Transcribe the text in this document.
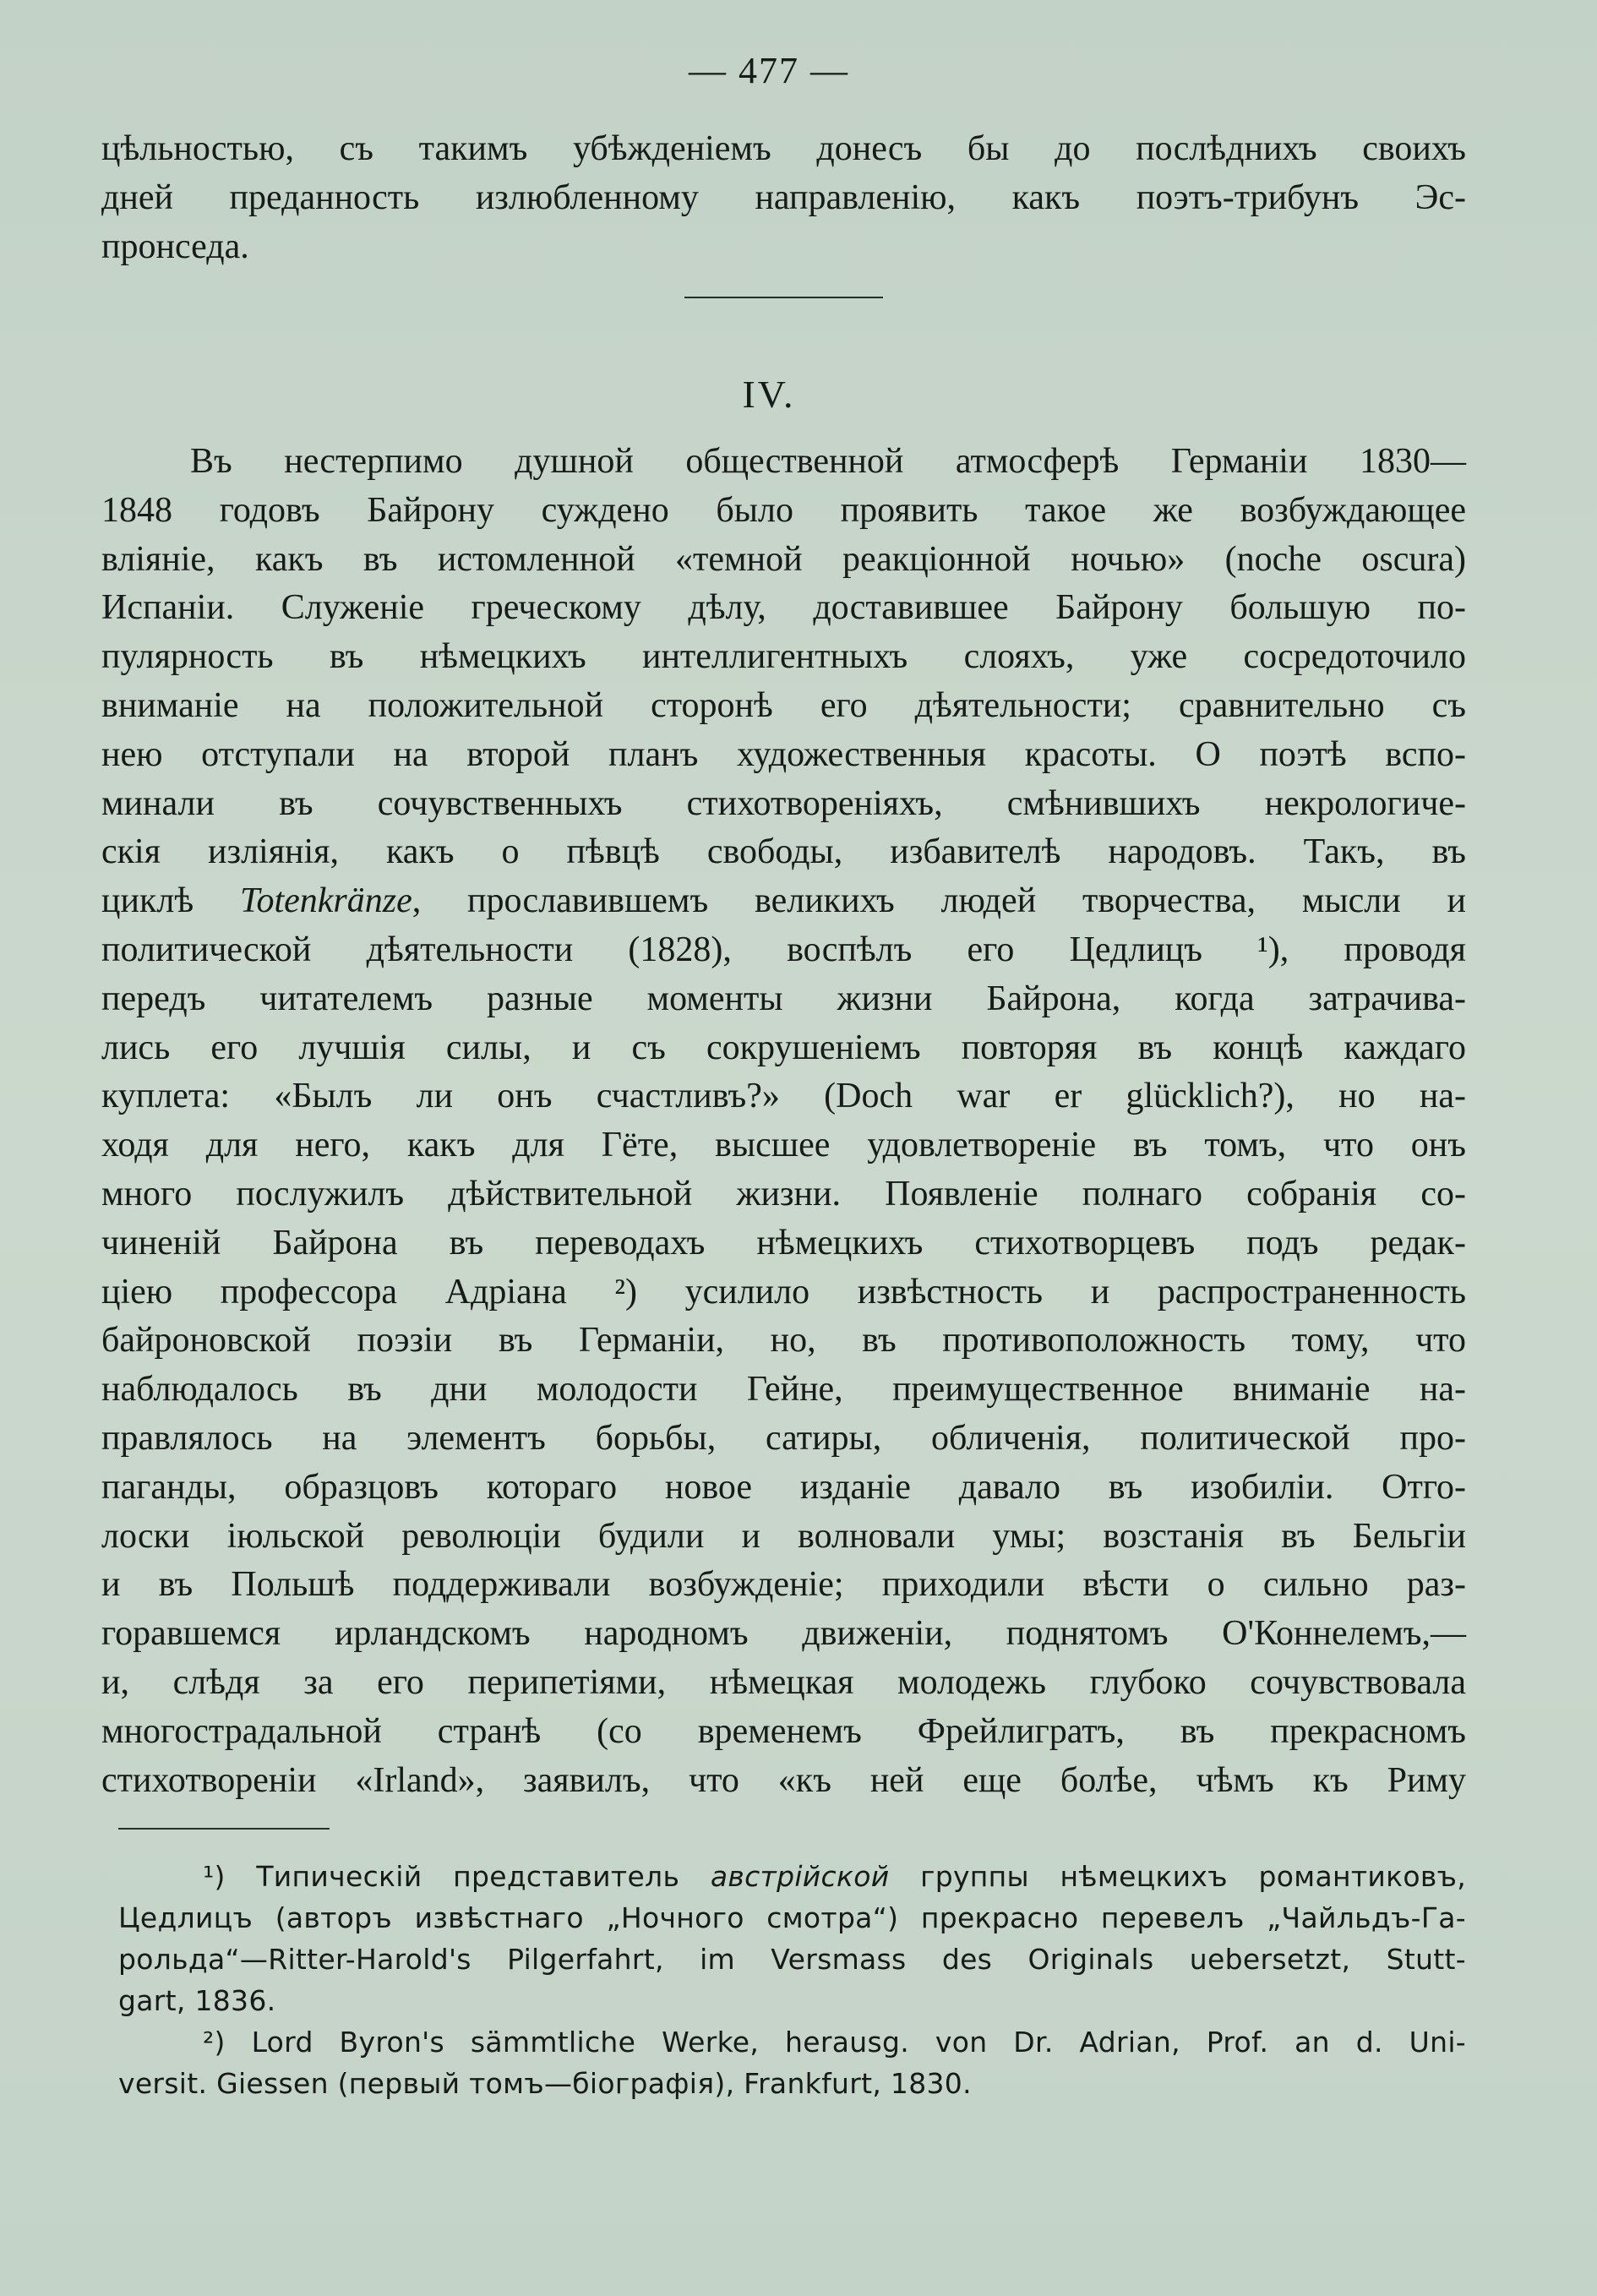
— 477 —
цѣльностью, съ такимъ убѣжденіемъ донесъ бы до послѣднихъ своихъ
дней преданность излюбленному направленію, какъ поэтъ-трибунъ Эс-
пронседа.
IV.
Въ нестерпимо душной общественной атмосферѣ Германіи 1830—
1848 годовъ Байрону суждено было проявить такое же возбуждающее
вліяніе, какъ въ истомленной «темной реакціонной ночью» (noche oscura)
Испаніи. Служеніе греческому дѣлу, доставившее Байрону большую по-
пулярность въ нѣмецкихъ интеллигентныхъ слояхъ, уже сосредоточило
вниманіе на положительной сторонѣ его дѣятельности; сравнительно съ
нею отступали на второй планъ художественныя красоты. О поэтѣ вспо-
минали въ сочувственныхъ стихотвореніяхъ, смѣнившихъ некрологиче-
скія изліянія, какъ о пѣвцѣ свободы, избавителѣ народовъ. Такъ, въ
циклѣ Totenkränze, прославившемъ великихъ людей творчества, мысли и
политической дѣятельности (1828), воспѣлъ его Цедлицъ ¹), проводя
передъ читателемъ разные моменты жизни Байрона, когда затрачива-
лись его лучшія силы, и съ сокрушеніемъ повторяя въ концѣ каждаго
куплета: «Былъ ли онъ счастливъ?» (Doch war er glücklich?), но на-
ходя для него, какъ для Гёте, высшее удовлетвореніе въ томъ, что онъ
много послужилъ дѣйствительной жизни. Появленіе полнаго собранія со-
чиненій Байрона въ переводахъ нѣмецкихъ стихотворцевъ подъ редак-
ціею профессора Адріана ²) усилило извѣстность и распространенность
байроновской поэзіи въ Германіи, но, въ противоположность тому, что
наблюдалось въ дни молодости Гейне, преимущественное вниманіе на-
правлялось на элементъ борьбы, сатиры, обличенія, политической про-
паганды, образцовъ котораго новое изданіе давало въ изобиліи. Отго-
лоски іюльской революціи будили и волновали умы; возстанія въ Бельгіи
и въ Польшѣ поддерживали возбужденіе; приходили вѣсти о сильно раз-
горавшемся ирландскомъ народномъ движеніи, поднятомъ О'Коннелемъ,—
и, слѣдя за его перипетіями, нѣмецкая молодежь глубоко сочувствовала
многострадальной странѣ (со временемъ Фрейлигратъ, въ прекрасномъ
стихотвореніи «Irland», заявилъ, что «къ ней еще болѣе, чѣмъ къ Риму
¹) Типическій представитель австрійской группы нѣмецкихъ романтиковъ,
Цедлицъ (авторъ извѣстнаго „Ночного смотра“) прекрасно перевелъ „Чайльдъ-Га-
рольда“—Ritter-Harold's Pilgerfahrt, im Versmass des Originals uebersetzt, Stutt-
gart, 1836.
²) Lord Byron's sämmtliche Werke, herausg. von Dr. Adrian, Prof. an d. Uni-
versit. Giessen (первый томъ—біографія), Frankfurt, 1830.
